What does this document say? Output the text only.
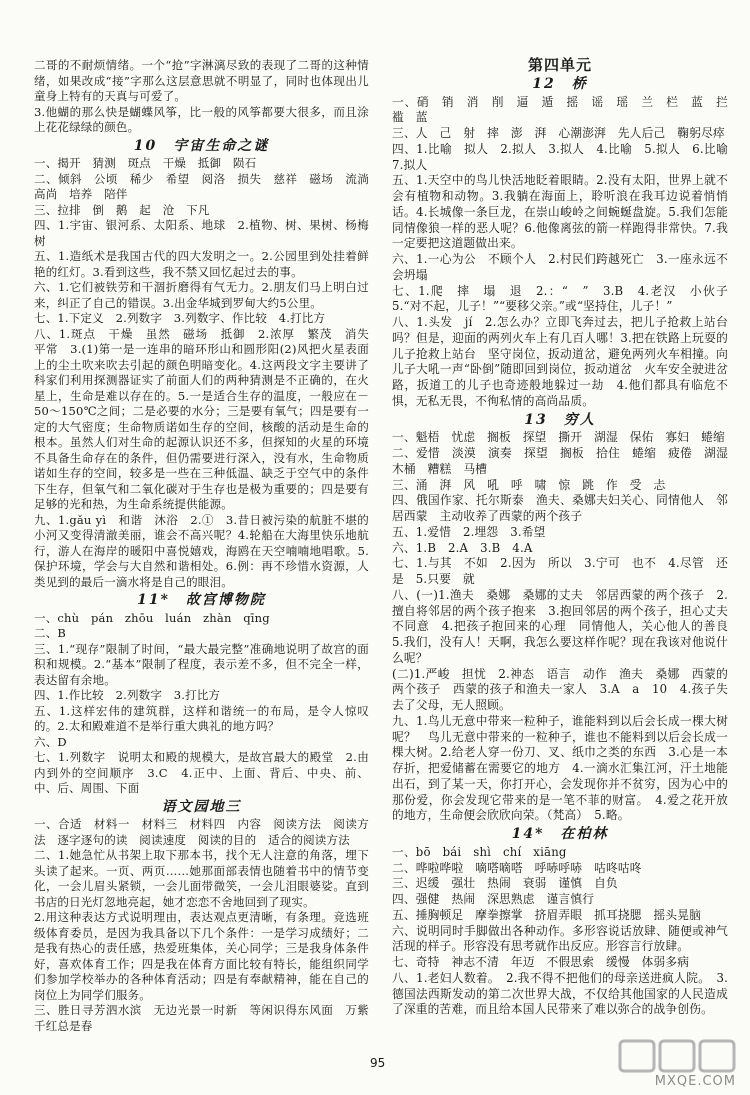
二哥的不耐烦情绪。一个“抢”字淋漓尽致的表现了二哥的这种情绪，如果改成“接”字那么这层意思就不明显了，同时也体现出儿童身上特有的天真与可爱了。
3.他蝴的那么快是蝴蝶风筝，比一般的风筝都要大很多，而且涂上花花绿绿的颜色。
10　宇宙生命之谜
一、揭开　猜测　斑点　干燥　抵御　陨石
二、倾斜　公顷　稀少　希望　阅洛　损失　慈祥　磁场　流淌　高尚　培养　陪伴
三、拉排　倒　鹅　起　沧　下凡
四、1.宇宙、银河系、太阳系、地球　2.植物、树、果树、杨梅树
五、1.造纸术是我国古代的四大发明之一。2.公园里到处挂着鲜艳的红灯。3.看到这些，我不禁又回忆起过去的事。
六、1.它们被铁劳和干涸折磨得有气无力。2.朋友们马上明白过来，纠正了自己的错误。3.出金华城到罗甸大约5公里。
七、1.下定义　2.列数字　3.列数字、作比较　4.打比方
八、1.斑点　干燥　虽然　磁场　抵御　2.浓厚　繁茂　消失　平常　3.(1)第一是一连串的暗环形山和圆形阳(2)风把火星表面上的尘土吹来吹去引起的颜色明暗变化。4.这两段文字主要讲了科家们利用探测器证实了前面人们的两种猜测是不正确的，在火星上，生命是难以存在的。5.一是适合生存的温度，一般应在－50～150℃之间；二是必要的水分；三是要有氧气；四是要有一定的大气密度；生命物质诺如生存的空间，核酸的活动是生命的根本。虽然人们对生命的起源认识还不多，但探知的火星的环境不具备生命存在的条件，但仍需要进行深入，没有水，生命物质诺如生存的空间，较多是一些在三种低温、缺乏于空气中的条件下生存，但氧气和二氧化碳对于生存也是极为重要的；四是要有足够的光和热，为生命系统提供能源。
九、1.gǎu yì　和谐　沐浴　2.①　3.昔日被污染的航脏不堪的小河又变得清澈美丽，谁会不高兴呢？4.轮船在大海里快乐地航行，游人在海岸的暖阳中喜悦嬉戏，海鸥在天空喃喃地唱歌。5.保护环境，学会与大自然和谐相处。6.例：再不珍惜水资源，人类见到的最后一滴水将是自己的眼泪。
11*　故宫博物院
一、chù　pán　zhōu　luán　zhàn　qīng
二、B
三、1.“现存”限制了时间，“最大最完整”准确地说明了故宫的面积和规模。2.“基本”限制了程度，表示差不多，但不完全一样，表达留有余地。
四、1.作比较　2.列数字　3.打比方
五、1.这样宏伟的建筑群，这样和谐统一的布局，是令人惊叹的。2.太和殿难道不是举行重大典礼的地方吗？
六、D
七、1.列数字　说明太和殿的规模大，是故宫最大的殿堂　2.由内到外的空间顺序　3.C　4.正中、上面、背后、中央、前、中、后、周围、下面
语文园地三
一、合适　材料一　材料三　材料四　内容　阅读方法　阅读方法　逐字逐句的读　阅读速度　阅读的目的　适合的阅读方法
二、1.她急忙从书架上取下那本书，找个无人注意的角落，埋下头读了起来。一页、两页……她那面部表情也随着书中的情节变化，一会儿眉头紧锁，一会儿面带微笑，一会儿泪眼婆娑。直到书店的日光灯忽地亮起，她才恋恋不舍地回到了现实。
2.用这种表达方式说明理由，表达观点更清晰，有条理。竞选班级体育委员，是因为我具备以下几个条件：一是学习成绩好；二是我有热心的责任感，热爱班集体，关心同学；三是我身体条件好，喜欢体育工作；四是我在体育方面比较有特长，能组织同学们参加学校举办的各种体育活动；四是有奉献精神，能在自己的岗位上为同学们服务。
三、胜日寻芳泗水滨　无边光景一时新　等闲识得东风面　万紫千红总是春
第四单元
12　桥
一、硝　销　消　削　逼　遁　摇　谣　瑶　兰　栏　蓝　拦　褴　蓝
三、人　己　射　摔　澎　湃　心潮澎湃　先人后己　鞠躬尽瘁
四、1.比喻　拟人　2.拟人　3.拟人　4.比喻　5.拟人　6.比喻　7.拟人
五、1.天空中的鸟儿快活地眨着眼睛。2.没有太阳，世界上就不会有植物和动物。3.我躺在海面上，聆听浪在我耳边说着悄悄话。4.长城像一条巨龙，在崇山峻岭之间蜿蜒盘旋。5.我们怎能同情像狼一样的恶人呢？6.他像离弦的箭一样跑得非常快。7.我一定要把这道题做出来。
六、1.一心为公　不顾个人　2.村民们跨越死亡　3.一座永远不会坍塌
七、1.爬　摔　塌　退　2.：“　”　3.B　4.老汉　小伙子　5.“对不起，儿子！”“要移父亲。”或“坚持住，儿子！”
八、1.头发　jí　2.怎么办？立即飞奔过去，把儿子抢救上站台吗？但是，迎面的两列火车上有几百人哪！3.把在铁路上玩耍的儿子抢救上站台　坚守岗位，扳动道岔，避免两列火车相撞。向儿子大吼一声“卧倒”随即回到岗位，扳动道岔　火车安全驶进岔路，扳道工的儿子也奇迹般地躲过一劫　4.他们都具有临危不惧，无私无畏，不徇私情的高尚品质。
13　穷人
一、魁梧　忧虑　搁板　探望　撕开　湖湿　保佑　寡妇　蜷缩
二、爱惜　淡漠　演奏　探望　搁板　拾住　蜷缩　疲倦　湖湿　木桶　糟糕　马槽
三、涌　湃　风　吼　呼　啸　惊　跳　作　受　忐
四、俄国作家、托尔斯泰　渔夫、桑娜夫妇关心、同情他人　邻居西蒙　主动收养了西蒙的两个孩子
五、1.爱惜　2.埋怨　3.希望
六、1.B　2.A　3.B　4.A
七、1.与其　不如　2.因为　所以　3.宁可　也不　4.尽管　还是　5.只要　就
八、(一)1.渔夫　桑娜　桑娜的丈夫　邻居西蒙的两个孩子　2.擅自将邻居的两个孩子抱来　3.抱回邻居的两个孩子，担心丈夫不同意　4.把孩子抱回来的心理　同情他人，关心他人的善良　5.我们，没有人！天啊，我怎么要这样作呢？现在我该对他说什么呢？
(二)1.严峻　担忧　2.神态　语言　动作　渔夫　桑娜　西蒙的两个孩子　西蒙的孩子和渔夫一家人　3.A　a　10　4.孩子失去了父母，无人照顾。
九、1.鸟儿无意中带来一粒种子，谁能料到以后会长成一棵大树呢？　鸟儿无意中带来的一粒种子，谁也不能料到以后会长成一棵大树。2.给老人穿一份刀、叉、纸巾之类的东西　3.心是一本存折，把爱储蓄在需要它的地方　4.一滴水汇集江河，汗土地能出石，到了某一天，你打开心，会发现你并不贫穷，因为心中的那份爱，你会发现它带来的是一笔不菲的财富。　4.爱之花开放的地方，生命便会欣欣向荣。（梵高）　5.略。
14*　在柏林
一、bō　bái　shì　chí　xiāng
二、哗啦哗啦　嘀嗒嘀嗒　呼哧呼哧　咕咚咕咚
三、迟缓　强壮　热闹　衰弱　谨慎　自负
四、强健　热闹　深思熟虑　谨言慎行
五、捶胸顿足　摩拳擦掌　挤眉弄眼　抓耳挠腮　摇头晃脑
六、说明同时手脚做出各种动作。多形容说话放肆、随便或神气活现的样子。形容没有思考就作出反应。形容言行放肆。
七、奇特　神志不清　年迈　不假思索　缓慢　体弱多病
八、1.老妇人数着。　2.我不得不把他们的母亲送进疯人院。　3.德国法西斯发动的第二次世界大战，不仅给其他国家的人民造成了深重的苦难，而且给本国人民带来了难以弥合的战争创伤。
95
MXQE.COM
